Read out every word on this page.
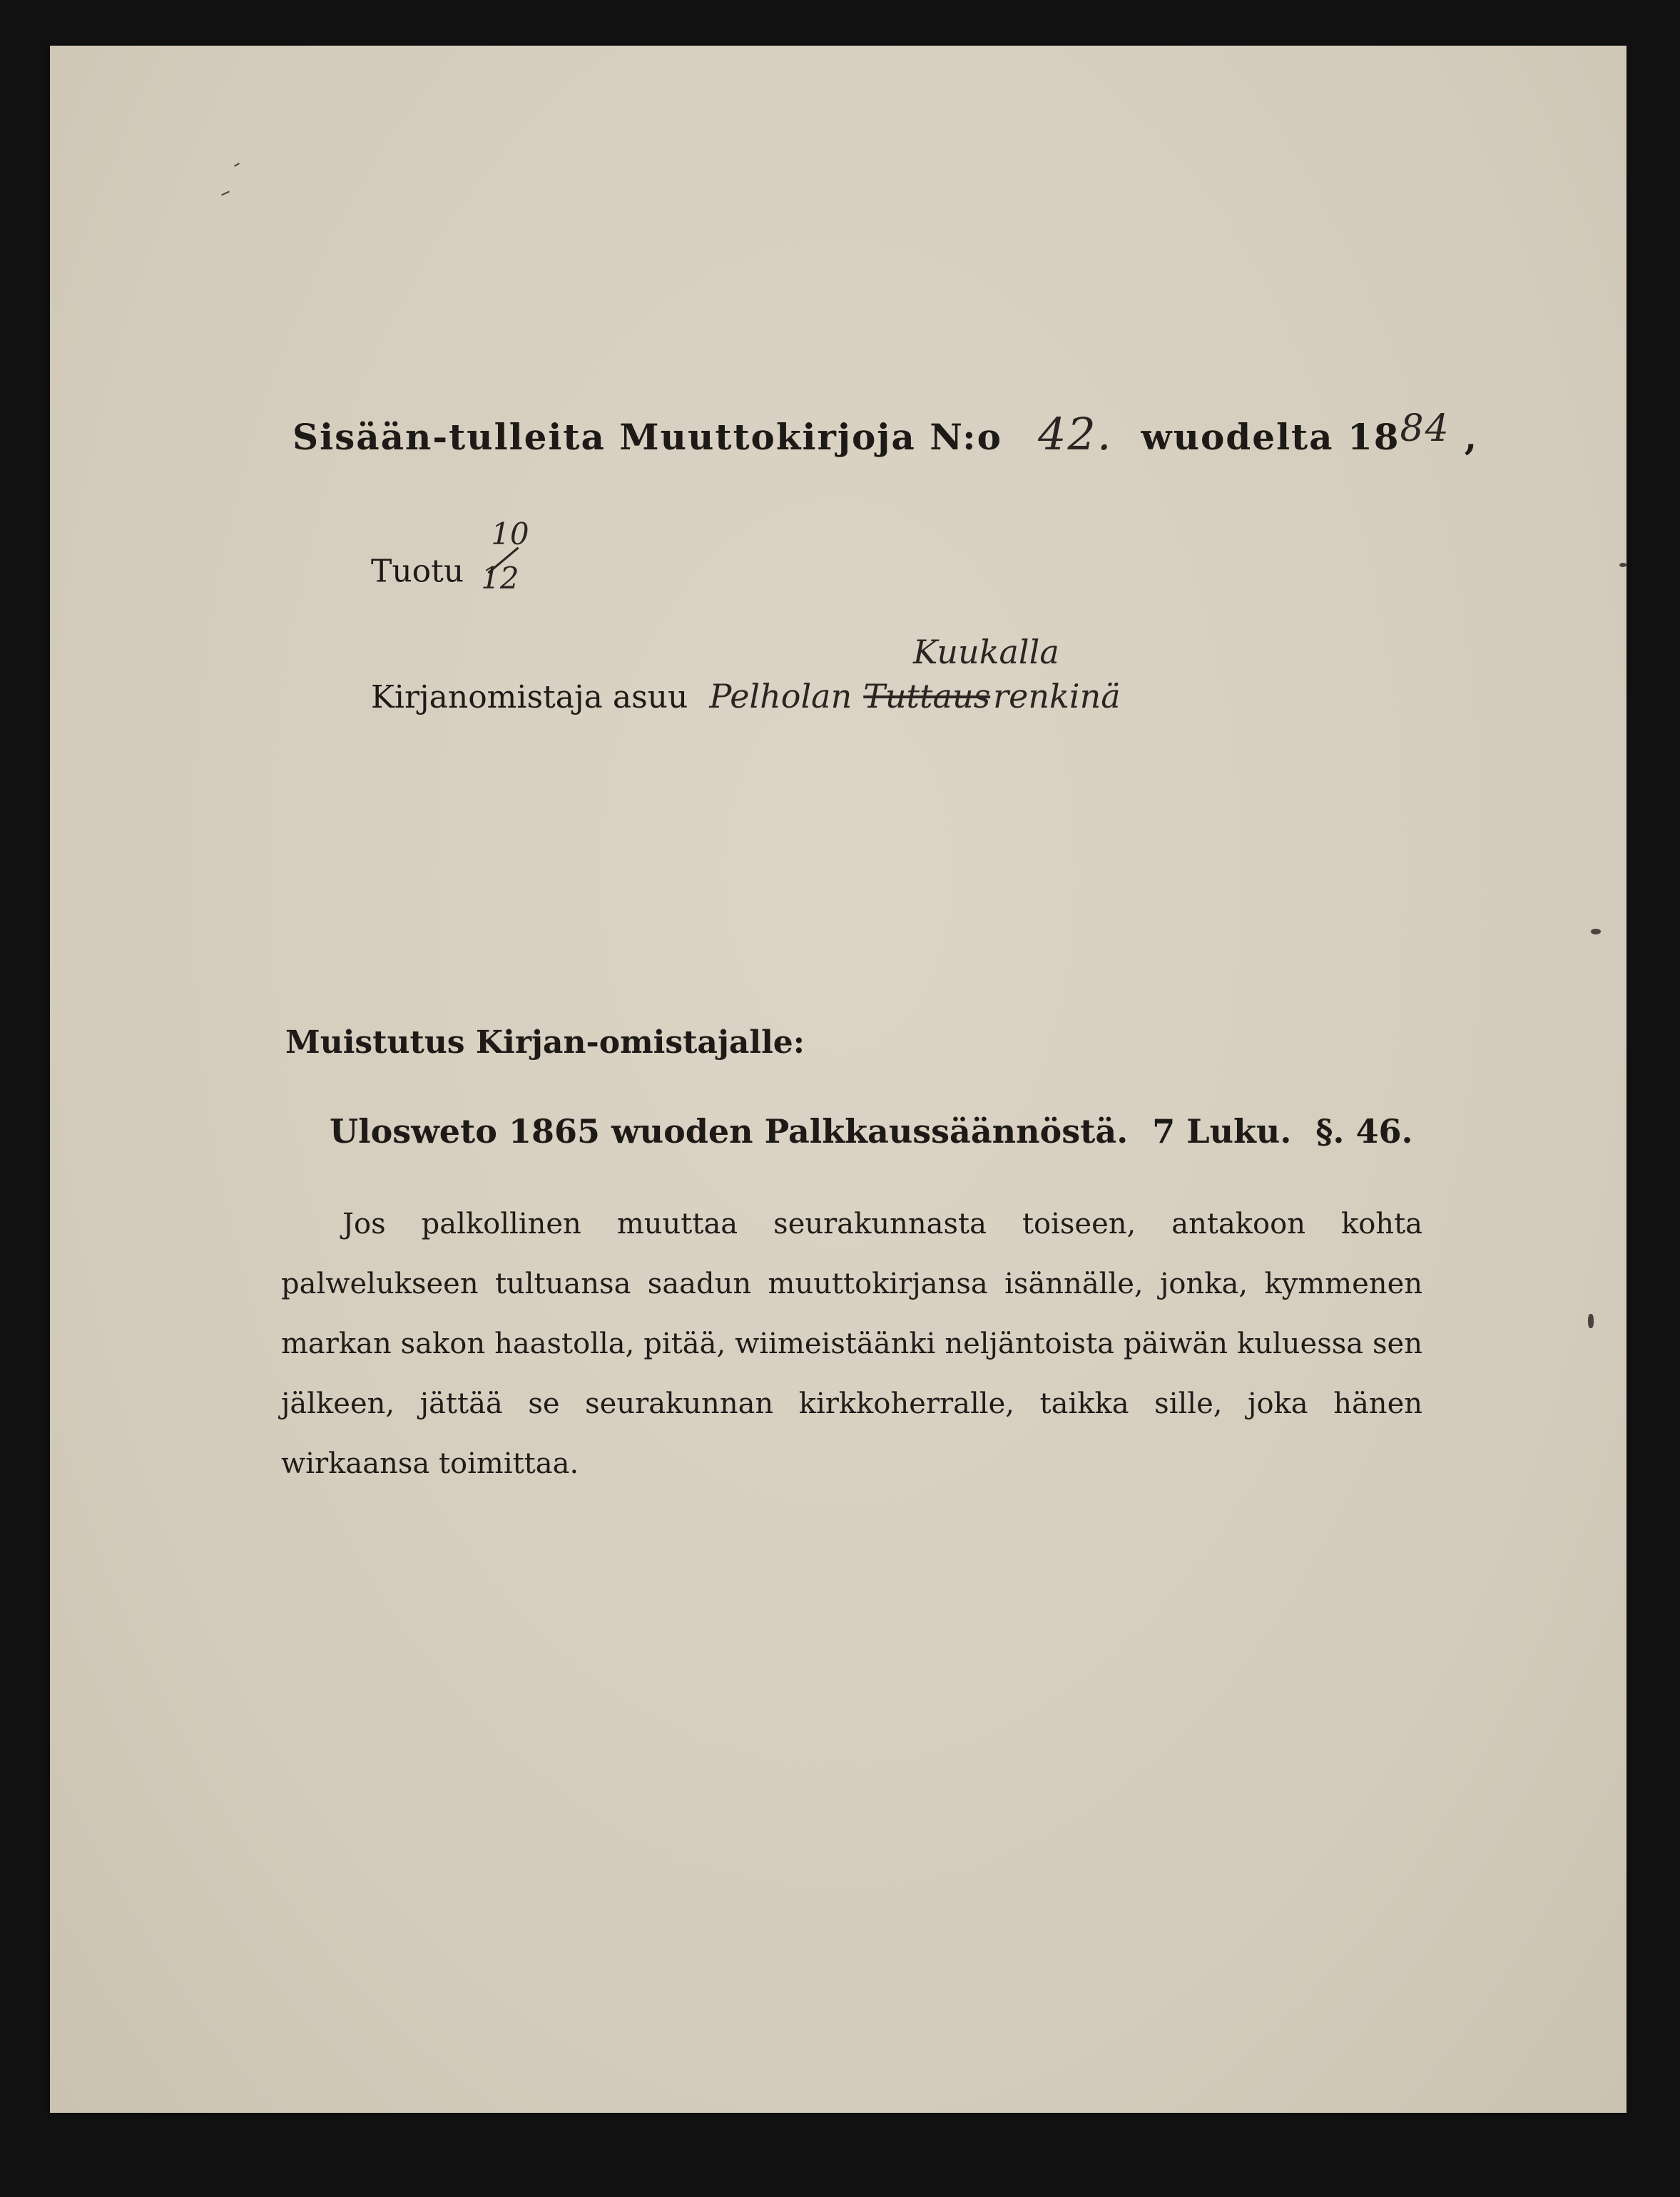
Sisään-tulleita Muuttokirjoja N:o 42. wuodelta 1884 ,
Tuotu
10
12
Kirjanomistaja asuu Pelholan Tuttausrenkinä
Kuukalla
Muistutus Kirjan-omistajalle:
Ulosweto 1865 wuoden Palkkaussäännöstä. 7 Luku. §. 46.
Jos palkollinen muuttaa seurakunnasta toiseen, antakoon kohta palwelukseen tultuansa saadun muuttokirjansa isännälle, jonka, kymmenen markan sakon haastolla, pitää, wiimeistäänki neljäntoista päiwän kuluessa sen jälkeen, jättää se seurakunnan kirkkoherralle, taikka sille, joka hänen wirkaansa toimittaa.
